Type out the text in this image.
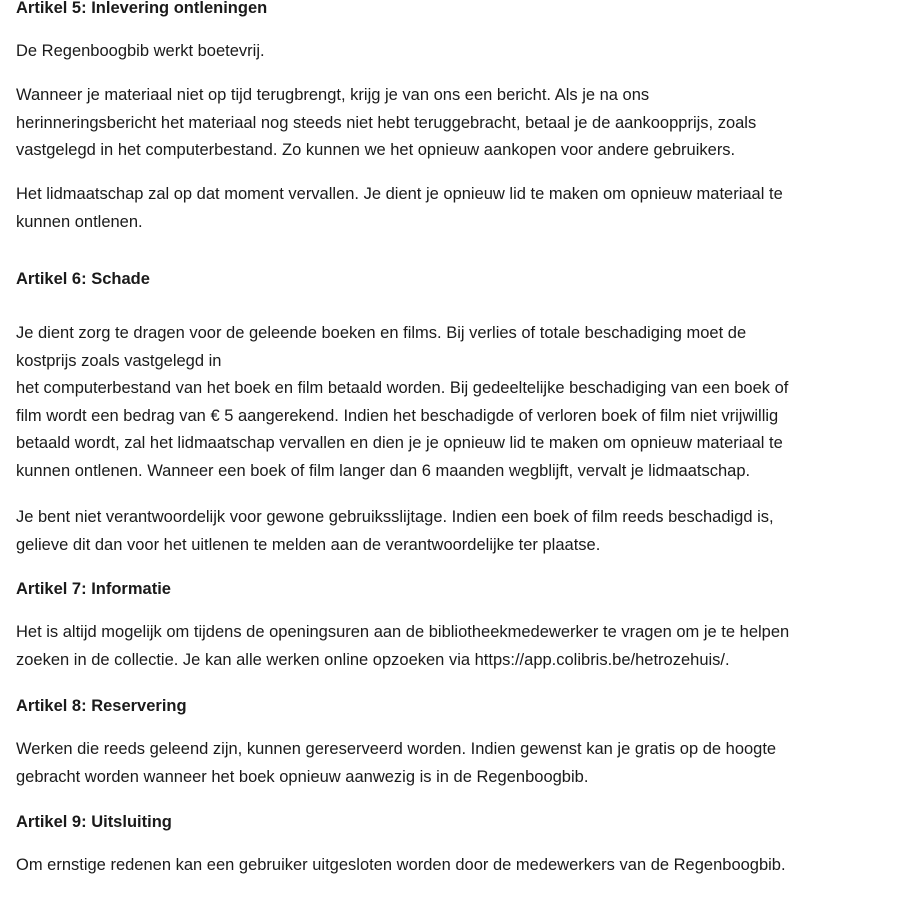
Artikel 5: Inlevering ontleningen

De Regenboogbib werkt boetevrij.

Wanneer je materiaal niet op tijd terugbrengt, krijg je van ons een bericht. Als je na ons
herinneringsbericht het materiaal nog steeds niet hebt teruggebracht, betaal je de aankoopprijs, zoals
vastgelegd in het computerbestand. Zo kunnen we het opnieuw aankopen voor andere gebruikers.

Het lidmaatschap zal op dat moment vervallen. Je dient je opnieuw lid te maken om opnieuw materiaal te
kunnen ontlenen.

Artikel 6: Schade

Je dient zorg te dragen voor de geleende boeken en films. Bij verlies of totale beschadiging moet de
kostprijs zoals vastgelegd in
het computerbestand van het boek en film betaald worden. Bij gedeeltelijke beschadiging van een boek of
film wordt een bedrag van € 5 aangerekend. Indien het beschadigde of verloren boek of film niet vrijwillig
betaald wordt, zal het lidmaatschap vervallen en dien je je opnieuw lid te maken om opnieuw materiaal te
kunnen ontlenen. Wanneer een boek of film langer dan 6 maanden wegblijft, vervalt je lidmaatschap.

Je bent niet verantwoordelijk voor gewone gebruiksslijtage. Indien een boek of film reeds beschadigd is,
gelieve dit dan voor het uitlenen te melden aan de verantwoordelijke ter plaatse.

Artikel 7: Informatie

Het is altijd mogelijk om tijdens de openingsuren aan de bibliotheekmedewerker te vragen om je te helpen
zoeken in de collectie. Je kan alle werken online opzoeken via https://app.colibris.be/hetrozehuis/.

Artikel 8: Reservering

Werken die reeds geleend zijn, kunnen gereserveerd worden. Indien gewenst kan je gratis op de hoogte
gebracht worden wanneer het boek opnieuw aanwezig is in de Regenboogbib.

Artikel 9: Uitsluiting

Om ernstige redenen kan een gebruiker uitgesloten worden door de medewerkers van de Regenboogbib.
